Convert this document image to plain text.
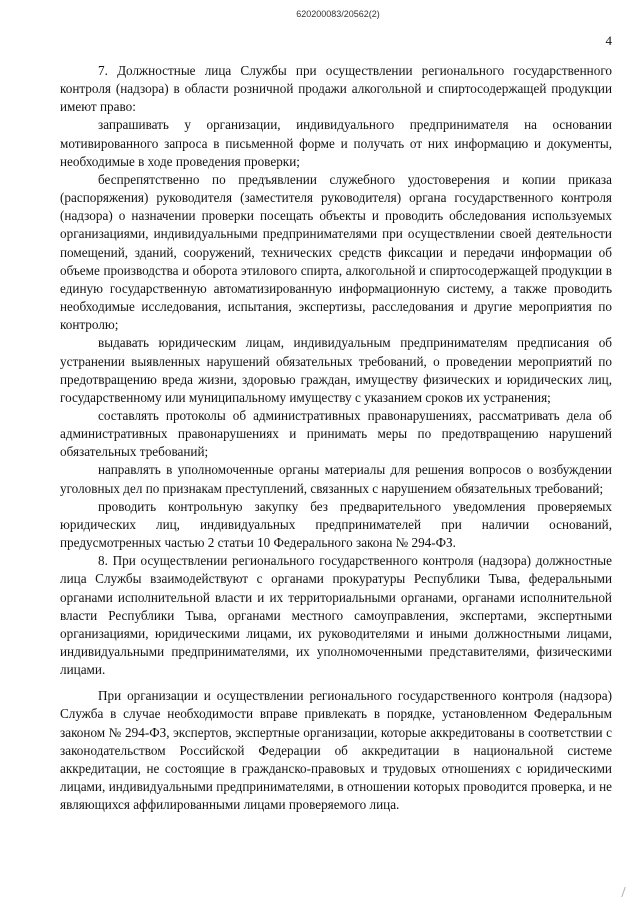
620200083/20562(2)
4

7. Должностные лица Службы при осуществлении регионального государственного контроля (надзора) в области розничной продажи алкогольной и спиртосодержащей продукции имеют право:

запрашивать у организации, индивидуального предпринимателя на основании мотивированного запроса в письменной форме и получать от них информацию и документы, необходимые в ходе проведения проверки;

беспрепятственно по предъявлении служебного удостоверения и копии приказа (распоряжения) руководителя (заместителя руководителя) органа государственного контроля (надзора) о назначении проверки посещать объекты и проводить обследования используемых организациями, индивидуальными предпринимателями при осуществлении своей деятельности помещений, зданий, сооружений, технических средств фиксации и передачи информации об объеме производства и оборота этилового спирта, алкогольной и спиртосодержащей продукции в единую государственную автоматизированную информационную систему, а также проводить необходимые исследования, испытания, экспертизы, расследования и другие мероприятия по контролю;

выдавать юридическим лицам, индивидуальным предпринимателям предписания об устранении выявленных нарушений обязательных требований, о проведении мероприятий по предотвращению вреда жизни, здоровью граждан, имуществу физических и юридических лиц, государственному или муниципальному имуществу с указанием сроков их устранения;

составлять протоколы об административных правонарушениях, рассматривать дела об административных правонарушениях и принимать меры по предотвращению нарушений обязательных требований;

направлять в уполномоченные органы материалы для решения вопросов о возбуждении уголовных дел по признакам преступлений, связанных с нарушением обязательных требований;

проводить контрольную закупку без предварительного уведомления проверяемых юридических лиц, индивидуальных предпринимателей при наличии оснований, предусмотренных частью 2 статьи 10 Федерального закона № 294-ФЗ.

8. При осуществлении регионального государственного контроля (надзора) должностные лица Службы взаимодействуют с органами прокуратуры Республики Тыва, федеральными органами исполнительной власти и их территориальными органами, органами исполнительной власти Республики Тыва, органами местного самоуправления, экспертами, экспертными организациями, юридическими лицами, их руководителями и иными должностными лицами, индивидуальными предпринимателями, их уполномоченными представителями, физическими лицами.

При организации и осуществлении регионального государственного контроля (надзора) Служба в случае необходимости вправе привлекать в порядке, установленном Федеральным законом № 294-ФЗ, экспертов, экспертные организации, которые аккредитованы в соответствии с законодательством Российской Федерации об аккредитации в национальной системе аккредитации, не состоящие в гражданско-правовых и трудовых отношениях с юридическими лицами, индивидуальными предпринимателями, в отношении которых проводится проверка, и не являющихся аффилированными лицами проверяемого лица.
